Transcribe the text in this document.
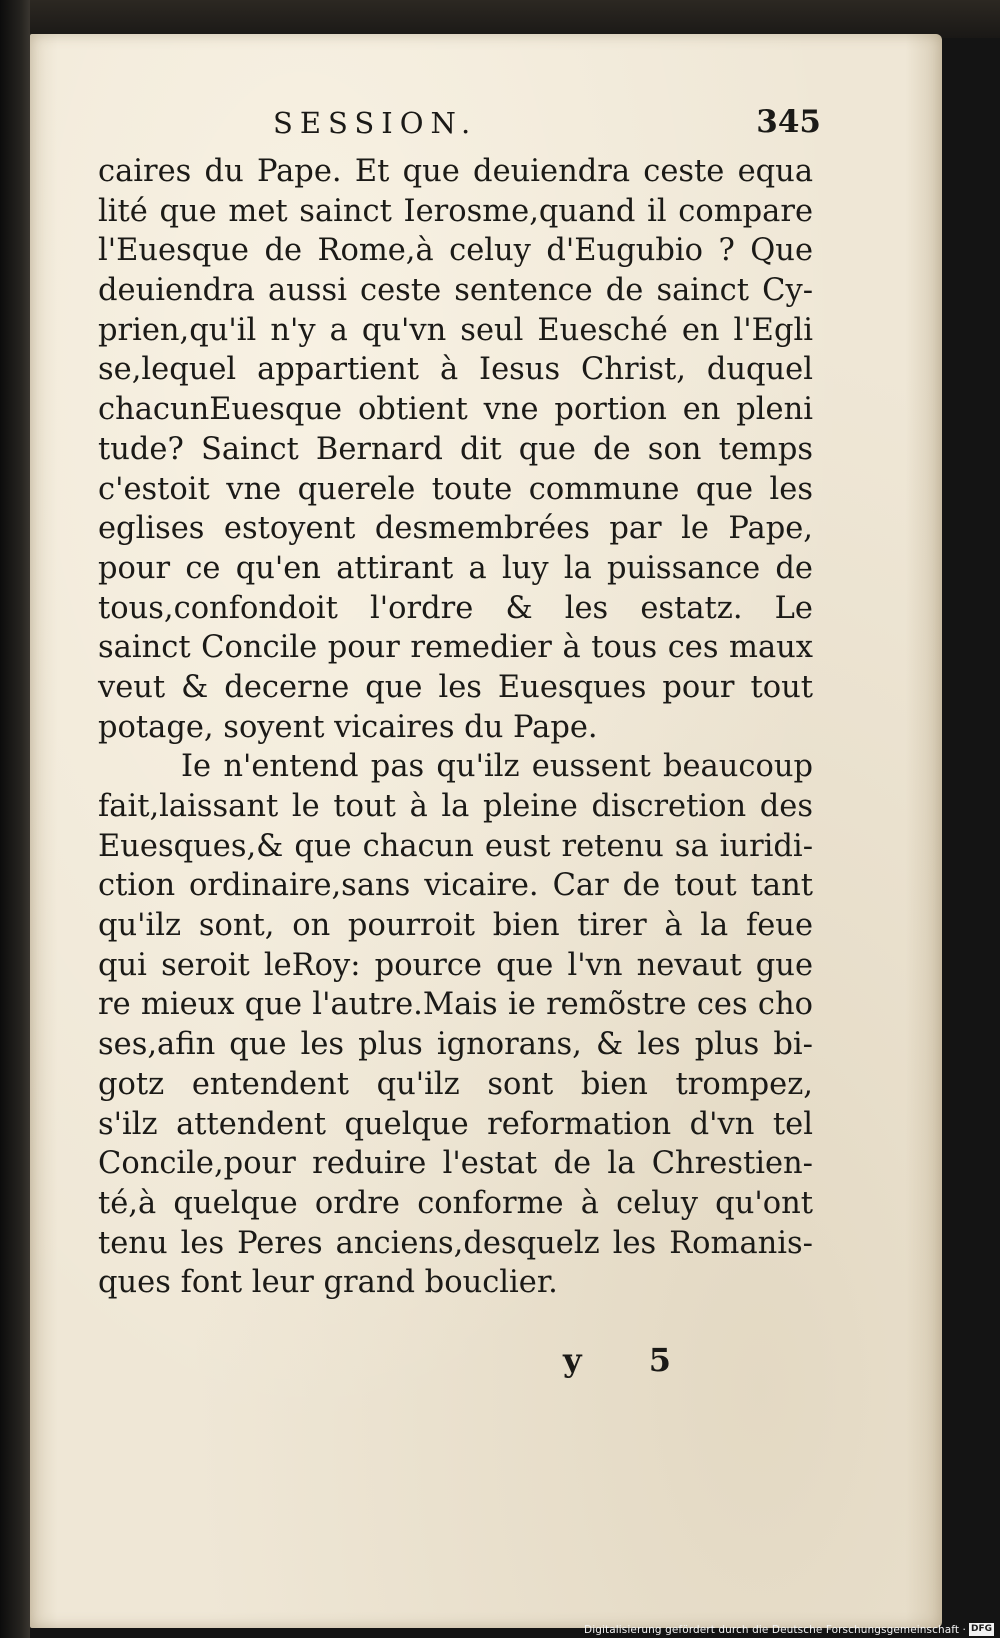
SESSION.	345
caires du Pape. Et que deuiendra ceste equa
lité que met sainct Ierosme,quand il compare
l'Euesque de Rome,à celuy d'Eugubio ? Que
deuiendra aussi ceste sentence de sainct Cy-
prien,qu'il n'y a qu'vn seul Euesché en l'Egli
se,lequel appartient à Iesus Christ, duquel
chacunEuesque obtient vne portion en pleni
tude? Sainct Bernard dit que de son temps
c'estoit vne querele toute commune que les
eglises estoyent desmembrées par le Pape,
pour ce qu'en attirant a luy la puissance de
tous,confondoit l'ordre & les estatz. Le
sainct Concile pour remedier à tous ces maux
veut & decerne que les Euesques pour tout
potage, soyent vicaires du Pape.
Ie n'entend pas qu'ilz eussent beaucoup
fait,laissant le tout à la pleine discretion des
Euesques,& que chacun eust retenu sa iuridi-
ction ordinaire,sans vicaire. Car de tout tant
qu'ilz sont, on pourroit bien tirer à la feue
qui seroit leRoy: pource que l'vn nevaut gue
re mieux que l'autre.Mais ie remõstre ces cho
ses,afin que les plus ignorans, & les plus bi-
gotz entendent qu'ilz sont bien trompez,
s'ilz attendent quelque reformation d'vn tel
Concile,pour reduire l'estat de la Chrestien-
té,à quelque ordre conforme à celuy qu'ont
tenu les Peres anciens,desquelz les Romanis-
ques font leur grand bouclier.
y 5
Digitalisierung gefördert durch die Deutsche Forschungsgemeinschaft · DFG
